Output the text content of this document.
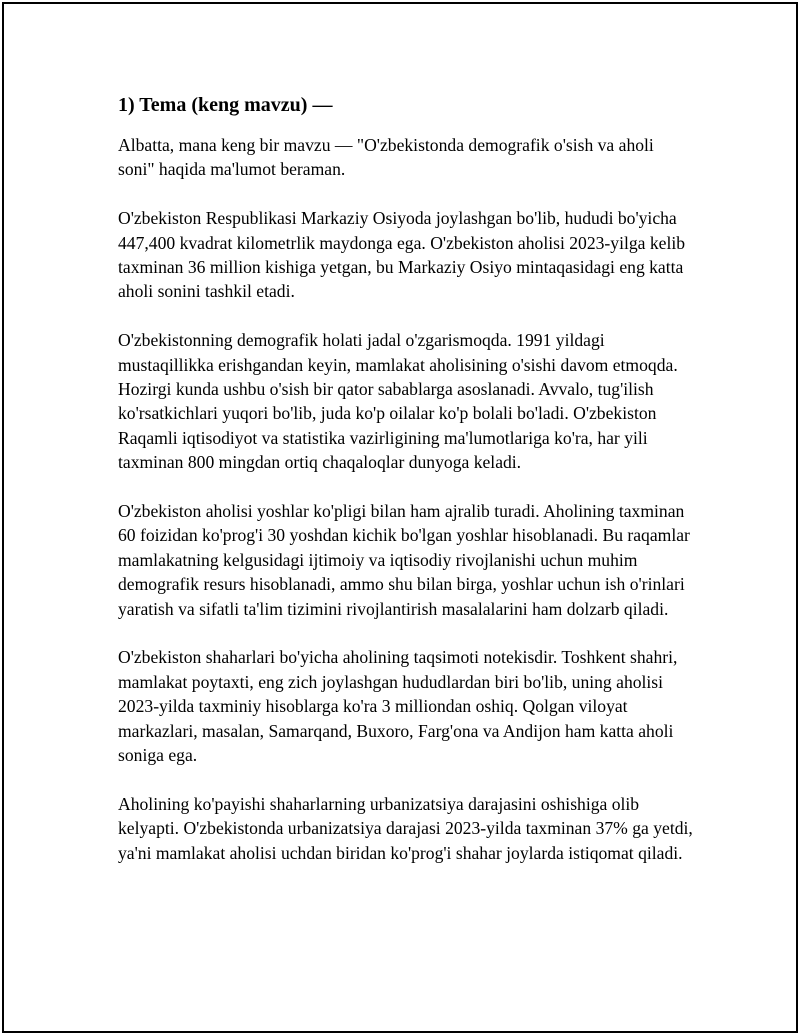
1) Tema (keng mavzu) —

Albatta, mana keng bir mavzu — "O'zbekistonda demografik o'sish va aholi soni" haqida ma'lumot beraman.

O'zbekiston Respublikasi Markaziy Osiyoda joylashgan bo'lib, hududi bo'yicha 447,400 kvadrat kilometrlik maydonga ega. O'zbekiston aholisi 2023-yilga kelib taxminan 36 million kishiga yetgan, bu Markaziy Osiyo mintaqasidagi eng katta aholi sonini tashkil etadi.

O'zbekistonning demografik holati jadal o'zgarismoqda. 1991 yildagi mustaqillikka erishgandan keyin, mamlakat aholisining o'sishi davom etmoqda. Hozirgi kunda ushbu o'sish bir qator sabablarga asoslanadi. Avvalo, tug'ilish ko'rsatkichlari yuqori bo'lib, juda ko'p oilalar ko'p bolali bo'ladi. O'zbekiston Raqamli iqtisodiyot va statistika vazirligining ma'lumotlariga ko'ra, har yili taxminan 800 mingdan ortiq chaqaloqlar dunyoga keladi.

O'zbekiston aholisi yoshlar ko'pligi bilan ham ajralib turadi. Aholining taxminan 60 foizidan ko'prog'i 30 yoshdan kichik bo'lgan yoshlar hisoblanadi. Bu raqamlar mamlakatning kelgusidagi ijtimoiy va iqtisodiy rivojlanishi uchun muhim demografik resurs hisoblanadi, ammo shu bilan birga, yoshlar uchun ish o'rinlari yaratish va sifatli ta'lim tizimini rivojlantirish masalalarini ham dolzarb qiladi.

O'zbekiston shaharlari bo'yicha aholining taqsimoti notekisdir. Toshkent shahri, mamlakat poytaxti, eng zich joylashgan hududlardan biri bo'lib, uning aholisi 2023-yilda taxminiy hisoblarga ko'ra 3 milliondan oshiq. Qolgan viloyat markazlari, masalan, Samarqand, Buxoro, Farg'ona va Andijon ham katta aholi soniga ega.

Aholining ko'payishi shaharlarning urbanizatsiya darajasini oshishiga olib kelyapti. O'zbekistonda urbanizatsiya darajasi 2023-yilda taxminan 37% ga yetdi, ya'ni mamlakat aholisi uchdan biridan ko'prog'i shahar joylarda istiqomat qiladi.
